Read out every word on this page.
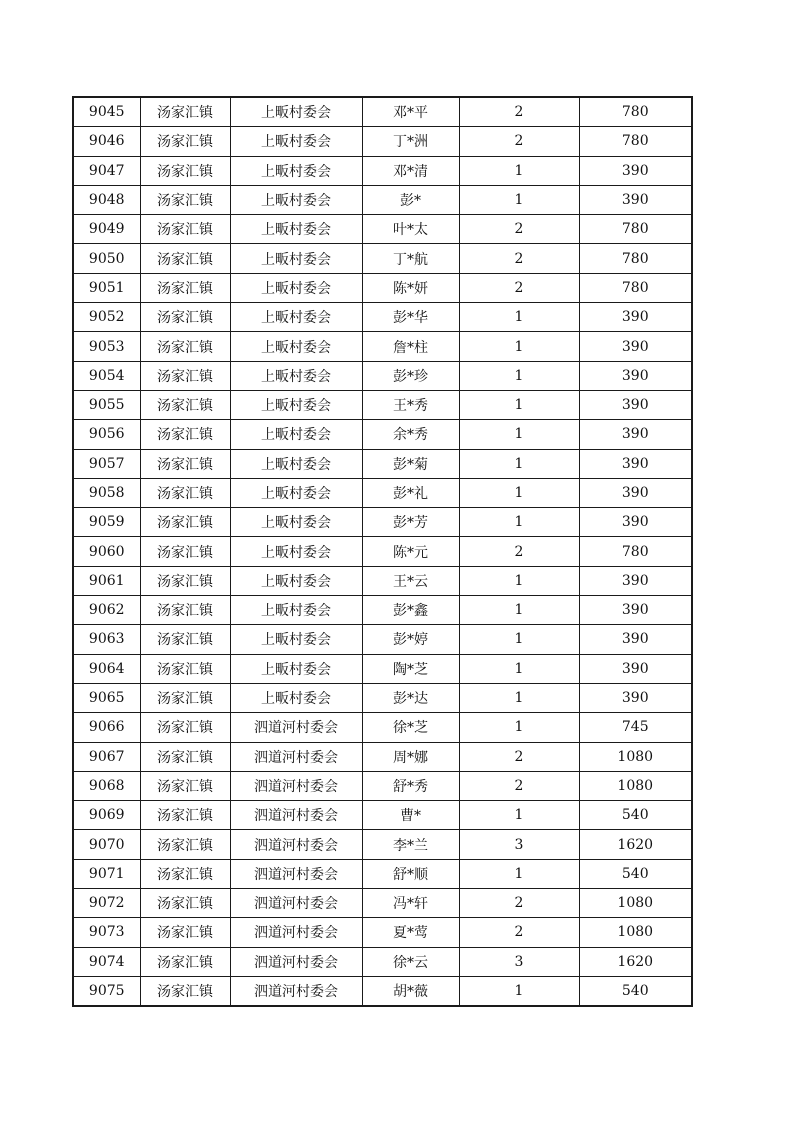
9045	汤家汇镇	上畈村委会	邓*平	2	780
9046	汤家汇镇	上畈村委会	丁*洲	2	780
9047	汤家汇镇	上畈村委会	邓*清	1	390
9048	汤家汇镇	上畈村委会	彭*	1	390
9049	汤家汇镇	上畈村委会	叶*太	2	780
9050	汤家汇镇	上畈村委会	丁*航	2	780
9051	汤家汇镇	上畈村委会	陈*妍	2	780
9052	汤家汇镇	上畈村委会	彭*华	1	390
9053	汤家汇镇	上畈村委会	詹*柱	1	390
9054	汤家汇镇	上畈村委会	彭*珍	1	390
9055	汤家汇镇	上畈村委会	王*秀	1	390
9056	汤家汇镇	上畈村委会	余*秀	1	390
9057	汤家汇镇	上畈村委会	彭*菊	1	390
9058	汤家汇镇	上畈村委会	彭*礼	1	390
9059	汤家汇镇	上畈村委会	彭*芳	1	390
9060	汤家汇镇	上畈村委会	陈*元	2	780
9061	汤家汇镇	上畈村委会	王*云	1	390
9062	汤家汇镇	上畈村委会	彭*鑫	1	390
9063	汤家汇镇	上畈村委会	彭*婷	1	390
9064	汤家汇镇	上畈村委会	陶*芝	1	390
9065	汤家汇镇	上畈村委会	彭*达	1	390
9066	汤家汇镇	泗道河村委会	徐*芝	1	745
9067	汤家汇镇	泗道河村委会	周*娜	2	1080
9068	汤家汇镇	泗道河村委会	舒*秀	2	1080
9069	汤家汇镇	泗道河村委会	曹*	1	540
9070	汤家汇镇	泗道河村委会	李*兰	3	1620
9071	汤家汇镇	泗道河村委会	舒*顺	1	540
9072	汤家汇镇	泗道河村委会	冯*轩	2	1080
9073	汤家汇镇	泗道河村委会	夏*莺	2	1080
9074	汤家汇镇	泗道河村委会	徐*云	3	1620
9075	汤家汇镇	泗道河村委会	胡*薇	1	540
